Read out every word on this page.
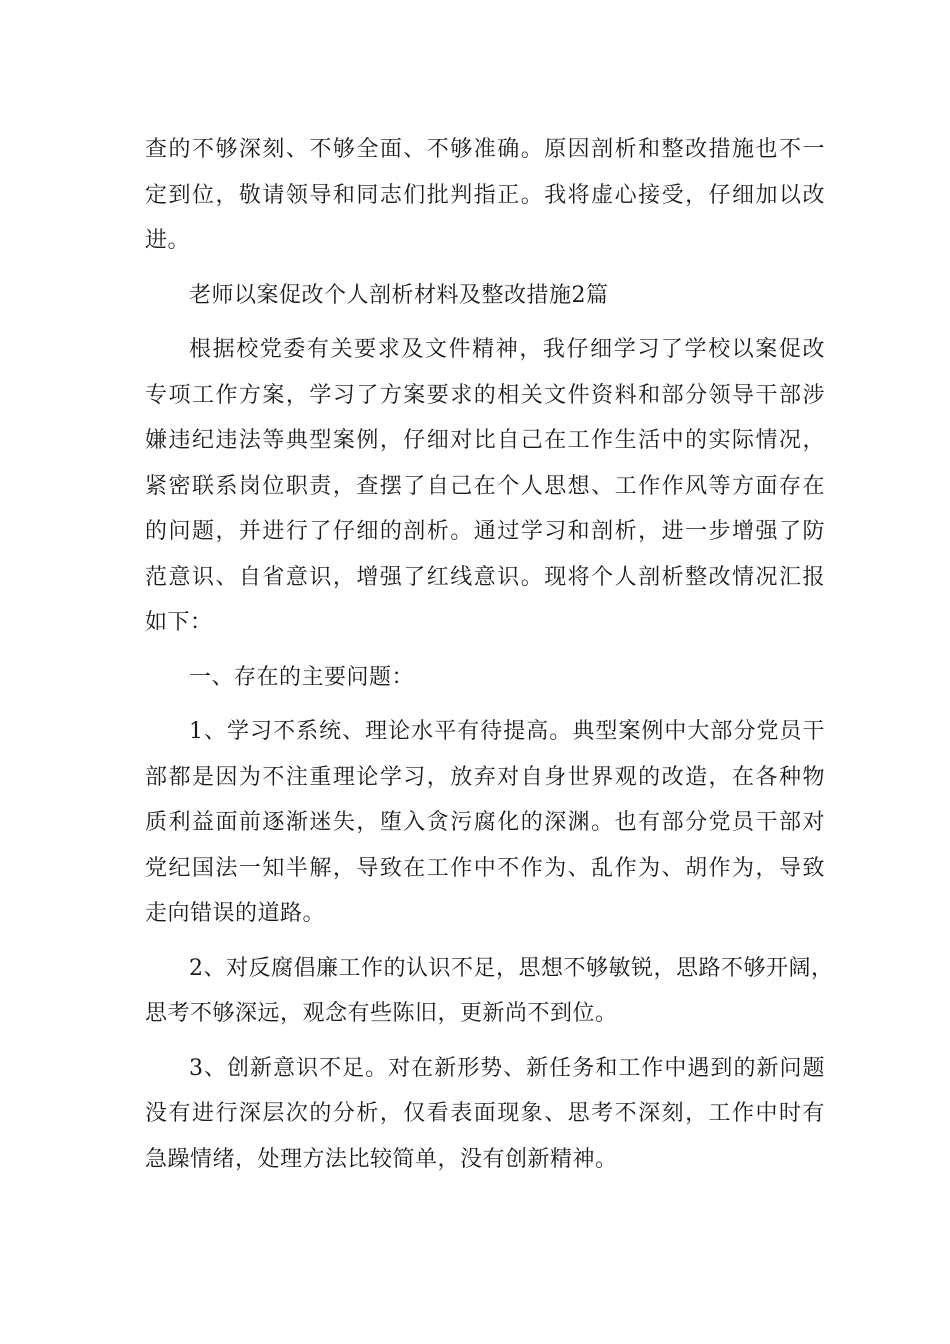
查的不够深刻、不够全面、不够准确。原因剖析和整改措施也不一
定到位，敬请领导和同志们批判指正。我将虚心接受，仔细加以改
进。
老师以案促改个人剖析材料及整改措施2篇
根据校党委有关要求及文件精神，我仔细学习了学校以案促改
专项工作方案，学习了方案要求的相关文件资料和部分领导干部涉
嫌违纪违法等典型案例，仔细对比自己在工作生活中的实际情况，
紧密联系岗位职责，查摆了自己在个人思想、工作作风等方面存在
的问题，并进行了仔细的剖析。通过学习和剖析，进一步增强了防
范意识、自省意识，增强了红线意识。现将个人剖析整改情况汇报
如下：
一、存在的主要问题：
1、学习不系统、理论水平有待提高。典型案例中大部分党员干
部都是因为不注重理论学习，放弃对自身世界观的改造，在各种物
质利益面前逐渐迷失，堕入贪污腐化的深渊。也有部分党员干部对
党纪国法一知半解，导致在工作中不作为、乱作为、胡作为，导致
走向错误的道路。
2、对反腐倡廉工作的认识不足，思想不够敏锐，思路不够开阔，
思考不够深远，观念有些陈旧，更新尚不到位。
3、创新意识不足。对在新形势、新任务和工作中遇到的新问题
没有进行深层次的分析，仅看表面现象、思考不深刻，工作中时有
急躁情绪，处理方法比较简单，没有创新精神。
